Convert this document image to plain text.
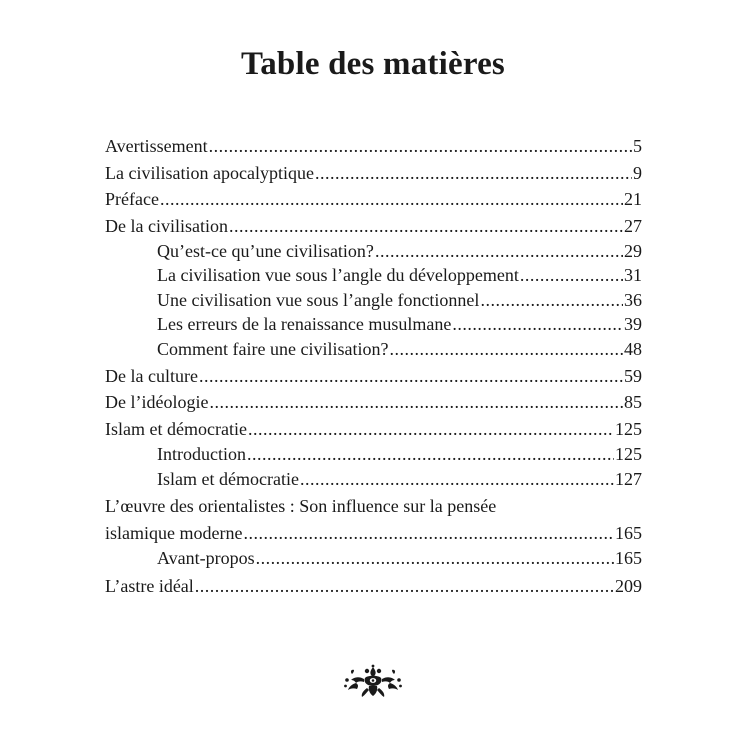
Table des matières
Avertissement .....	5
La civilisation apocalyptique .....	9
Préface .....	21
De la civilisation .....	27
Qu’est-ce qu’une civilisation? .....	29
La civilisation vue sous l’angle du développement .....	31
Une civilisation vue sous l’angle fonctionnel .....	36
Les erreurs de la renaissance musulmane .....	39
Comment faire une civilisation? .....	48
De la culture .....	59
De l’idéologie .....	85
Islam et démocratie .....	125
Introduction .....	125
Islam et démocratie .....	127
L’œuvre des orientalistes : Son influence sur la pensée
islamique moderne .....	165
Avant-propos .....	165
L’astre idéal .....	209
